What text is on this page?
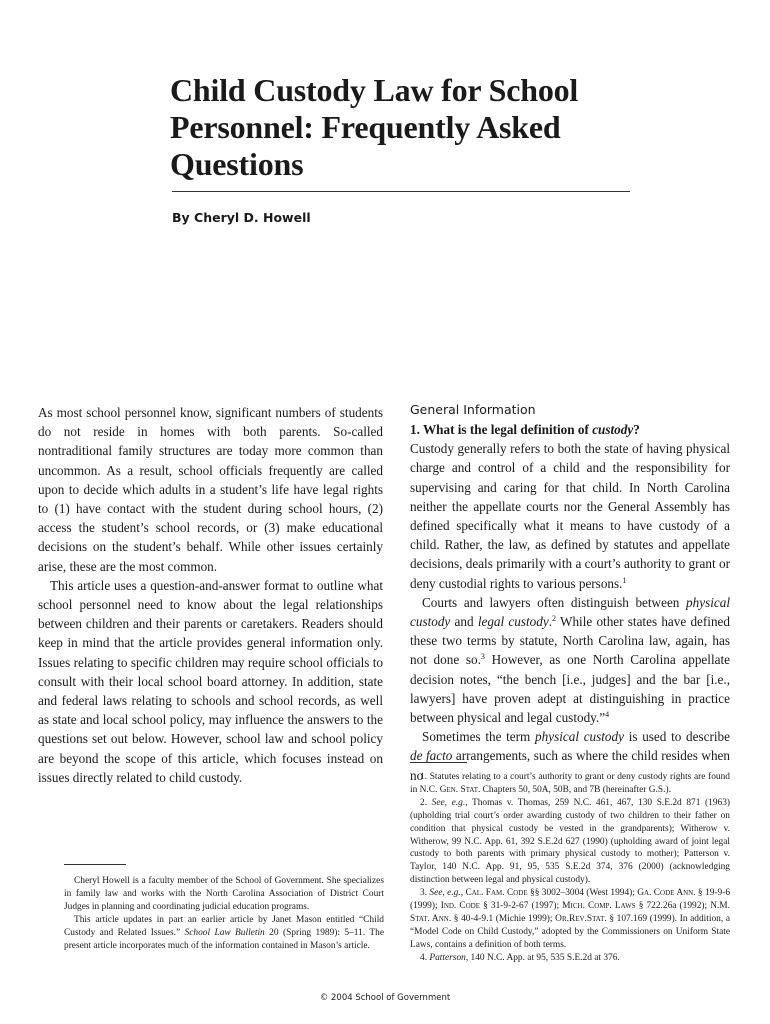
Child Custody Law for School
Personnel: Frequently Asked
Questions

By Cheryl D. Howell

As most school personnel know, significant numbers of students do not reside in homes with both parents. So-called nontraditional family structures are today more common than uncommon. As a result, school officials frequently are called upon to decide which adults in a student’s life have legal rights to (1) have contact with the student during school hours, (2) access the student’s school records, or (3) make educational decisions on the student’s behalf. While other issues certainly arise, these are the most common.

This article uses a question-and-answer format to outline what school personnel need to know about the legal relationships between children and their parents or caretakers. Readers should keep in mind that the article provides general information only. Issues relating to specific children may require school officials to consult with their local school board attorney. In addition, state and federal laws relating to schools and school records, as well as state and local school policy, may influence the answers to the questions set out below. However, school law and school policy are beyond the scope of this article, which focuses instead on issues directly related to child custody.

General Information

1. What is the legal definition of custody?

Custody generally refers to both the state of having physical charge and control of a child and the responsibility for supervising and caring for that child. In North Carolina neither the appellate courts nor the General Assembly has defined specifically what it means to have custody of a child. Rather, the law, as defined by statutes and appellate decisions, deals primarily with a court’s authority to grant or deny custodial rights to various persons.$^1$

Courts and lawyers often distinguish between physical custody and legal custody.$^2$ While other states have defined these two terms by statute, North Carolina law, again, has not done so.$^3$ However, as one North Carolina appellate decision notes, “the bench [i.e., judges] and the bar [i.e., lawyers] have proven adept at distinguishing in practice between physical and legal custody.”$^4$

Sometimes the term physical custody is used to describe de facto arrangements, such as where the child resides when no

1. Statutes relating to a court’s authority to grant or deny custody rights are found in N.C. Gen. Stat. Chapters 50, 50A, 50B, and 7B (hereinafter G.S.).

2. See, e.g., Thomas v. Thomas, 259 N.C. 461, 467, 130 S.E.2d 871 (1963) (upholding trial court’s order awarding custody of two children to their father on condition that physical custody be vested in the grandparents); Witherow v. Witherow, 99 N.C. App. 61, 392 S.E.2d 627 (1990) (upholding award of joint legal custody to both parents with primary physical custody to mother); Patterson v. Taylor, 140 N.C. App. 91, 95, 535 S.E.2d 374, 376 (2000) (acknowledging distinction between legal and physical custody).

3. See, e.g., Cal. Fam. Code §§ 3002–3004 (West 1994); Ga. Code Ann. § 19-9-6 (1999); Ind. Code § 31-9-2-67 (1997); Mich. Comp. Laws § 722.26a (1992); N.M. Stat. Ann. § 40-4-9.1 (Michie 1999); Or.Rev.Stat. § 107.169 (1999). In addition, a “Model Code on Child Custody,” adopted by the Commissioners on Uniform State Laws, contains a definition of both terms.

4. Patterson, 140 N.C. App. at 95, 535 S.E.2d at 376.

Cheryl Howell is a faculty member of the School of Government. She specializes in family law and works with the North Carolina Association of District Court Judges in planning and coordinating judicial education programs.

This article updates in part an earlier article by Janet Mason entitled “Child Custody and Related Issues.” School Law Bulletin 20 (Spring 1989): 5–11. The present article incorporates much of the information contained in Mason’s article.

© 2004 School of Government
